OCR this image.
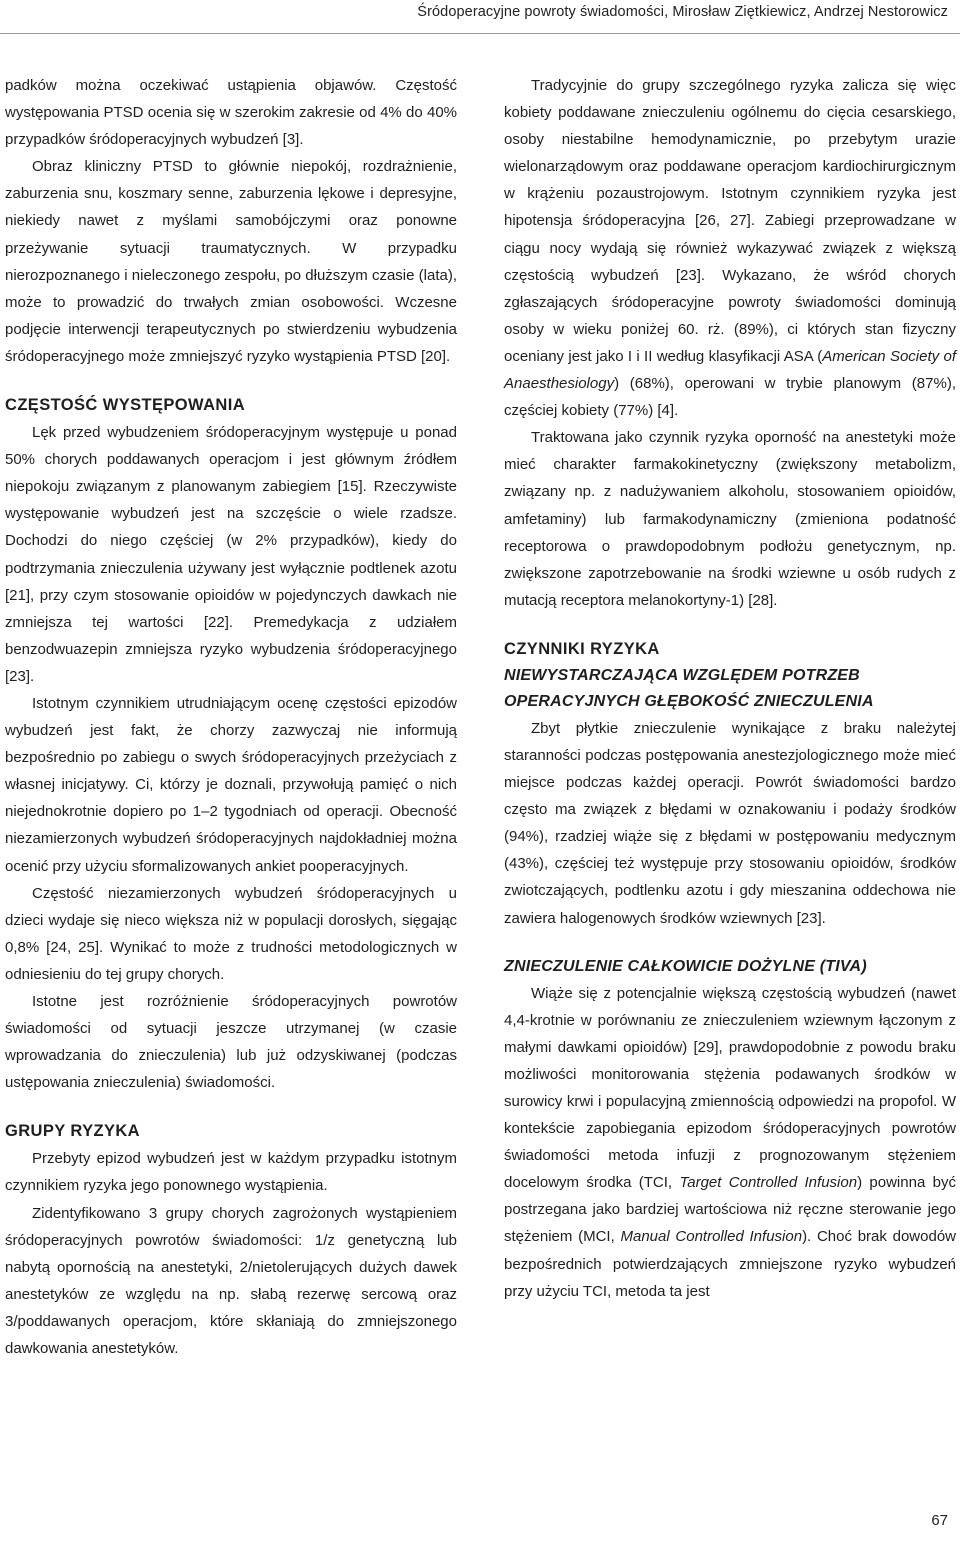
Śródoperacyjne powroty świadomości, Mirosław Ziętkiewicz, Andrzej Nestorowicz

padków można oczekiwać ustąpienia objawów. Częstość występowania PTSD ocenia się w szerokim zakresie od 4% do 40% przypadków śródoperacyjnych wybudzeń [3].

Obraz kliniczny PTSD to głównie niepokój, rozdrażnienie, zaburzenia snu, koszmary senne, zaburzenia lękowe i depresyjne, niekiedy nawet z myślami samobójczymi oraz ponowne przeżywanie sytuacji traumatycznych. W przypadku nierozpoznanego i nieleczonego zespołu, po dłuższym czasie (lata), może to prowadzić do trwałych zmian osobowości. Wczesne podjęcie interwencji terapeutycznych po stwierdzeniu wybudzenia śródoperacyjnego może zmniejszyć ryzyko wystąpienia PTSD [20].

CZĘSTOŚĆ WYSTĘPOWANIA

Lęk przed wybudzeniem śródoperacyjnym występuje u ponad 50% chorych poddawanych operacjom i jest głównym źródłem niepokoju związanym z planowanym zabiegiem [15]. Rzeczywiste występowanie wybudzeń jest na szczęście o wiele rzadsze. Dochodzi do niego częściej (w 2% przypadków), kiedy do podtrzymania znieczulenia używany jest wyłącznie podtlenek azotu [21], przy czym stosowanie opioidów w pojedynczych dawkach nie zmniejsza tej wartości [22]. Premedykacja z udziałem benzodwuazepin zmniejsza ryzyko wybudzenia śródoperacyjnego [23].

Istotnym czynnikiem utrudniającym ocenę częstości epizodów wybudzeń jest fakt, że chorzy zazwyczaj nie informują bezpośrednio po zabiegu o swych śródoperacyjnych przeżyciach z własnej inicjatywy. Ci, którzy je doznali, przywołują pamięć o nich niejednokrotnie dopiero po 1–2 tygodniach od operacji. Obecność niezamierzonych wybudzeń śródoperacyjnych najdokładniej można ocenić przy użyciu sformalizowanych ankiet pooperacyjnych.

Częstość niezamierzonych wybudzeń śródoperacyjnych u dzieci wydaje się nieco większa niż w populacji dorosłych, sięgając 0,8% [24, 25]. Wynikać to może z trudności metodologicznych w odniesieniu do tej grupy chorych.

Istotne jest rozróżnienie śródoperacyjnych powrotów świadomości od sytuacji jeszcze utrzymanej (w czasie wprowadzania do znieczulenia) lub już odzyskiwanej (podczas ustępowania znieczulenia) świadomości.

GRUPY RYZYKA

Przebyty epizod wybudzeń jest w każdym przypadku istotnym czynnikiem ryzyka jego ponownego wystąpienia.

Zidentyfikowano 3 grupy chorych zagrożonych wystąpieniem śródoperacyjnych powrotów świadomości: 1/z genetyczną lub nabytą opornością na anestetyki, 2/nietolerujących dużych dawek anestetyków ze względu na np. słabą rezerwę sercową oraz 3/poddawanych operacjom, które skłaniają do zmniejszonego dawkowania anestetyków.

Tradycyjnie do grupy szczególnego ryzyka zalicza się więc kobiety poddawane znieczuleniu ogólnemu do cięcia cesarskiego, osoby niestabilne hemodynamicznie, po przebytym urazie wielonarządowym oraz poddawane operacjom kardiochirurgicznym w krążeniu pozaustrojowym. Istotnym czynnikiem ryzyka jest hipotensja śródoperacyjna [26, 27]. Zabiegi przeprowadzane w ciągu nocy wydają się również wykazywać związek z większą częstością wybudzeń [23]. Wykazano, że wśród chorych zgłaszających śródoperacyjne powroty świadomości dominują osoby w wieku poniżej 60. rż. (89%), ci których stan fizyczny oceniany jest jako I i II według klasyfikacji ASA (American Society of Anaesthesiology) (68%), operowani w trybie planowym (87%), częściej kobiety (77%) [4].

Traktowana jako czynnik ryzyka oporność na anestetyki może mieć charakter farmakokinetyczny (zwiększony metabolizm, związany np. z nadużywaniem alkoholu, stosowaniem opioidów, amfetaminy) lub farmakodynamiczny (zmieniona podatność receptorowa o prawdopodobnym podłożu genetycznym, np. zwiększone zapotrzebowanie na środki wziewne u osób rudych z mutacją receptora melanokortyny-1) [28].

CZYNNIKI RYZYKA
NIEWYSTARCZAJĄCA WZGLĘDEM POTRZEB
OPERACYJNYCH GŁĘBOKOŚĆ ZNIECZULENIA

Zbyt płytkie znieczulenie wynikające z braku należytej staranności podczas postępowania anestezjologicznego może mieć miejsce podczas każdej operacji. Powrót świadomości bardzo często ma związek z błędami w oznakowaniu i podaży środków (94%), rzadziej wiąże się z błędami w postępowaniu medycznym (43%), częściej też występuje przy stosowaniu opioidów, środków zwiotczających, podtlenku azotu i gdy mieszanina oddechowa nie zawiera halogenowych środków wziewnych [23].

ZNIECZULENIE CAŁKOWICIE DOŻYLNE (TIVA)

Wiąże się z potencjalnie większą częstością wybudzeń (nawet 4,4-krotnie w porównaniu ze znieczuleniem wziewnym łączonym z małymi dawkami opioidów) [29], prawdopodobnie z powodu braku możliwości monitorowania stężenia podawanych środków w surowicy krwi i populacyjną zmiennością odpowiedzi na propofol. W kontekście zapobiegania epizodom śródoperacyjnych powrotów świadomości metoda infuzji z prognozowanym stężeniem docelowym środka (TCI, Target Controlled Infusion) powinna być postrzegana jako bardziej wartościowa niż ręczne sterowanie jego stężeniem (MCI, Manual Controlled Infusion). Choć brak dowodów bezpośrednich potwierdzających zmniejszone ryzyko wybudzeń przy użyciu TCI, metoda ta jest

67
